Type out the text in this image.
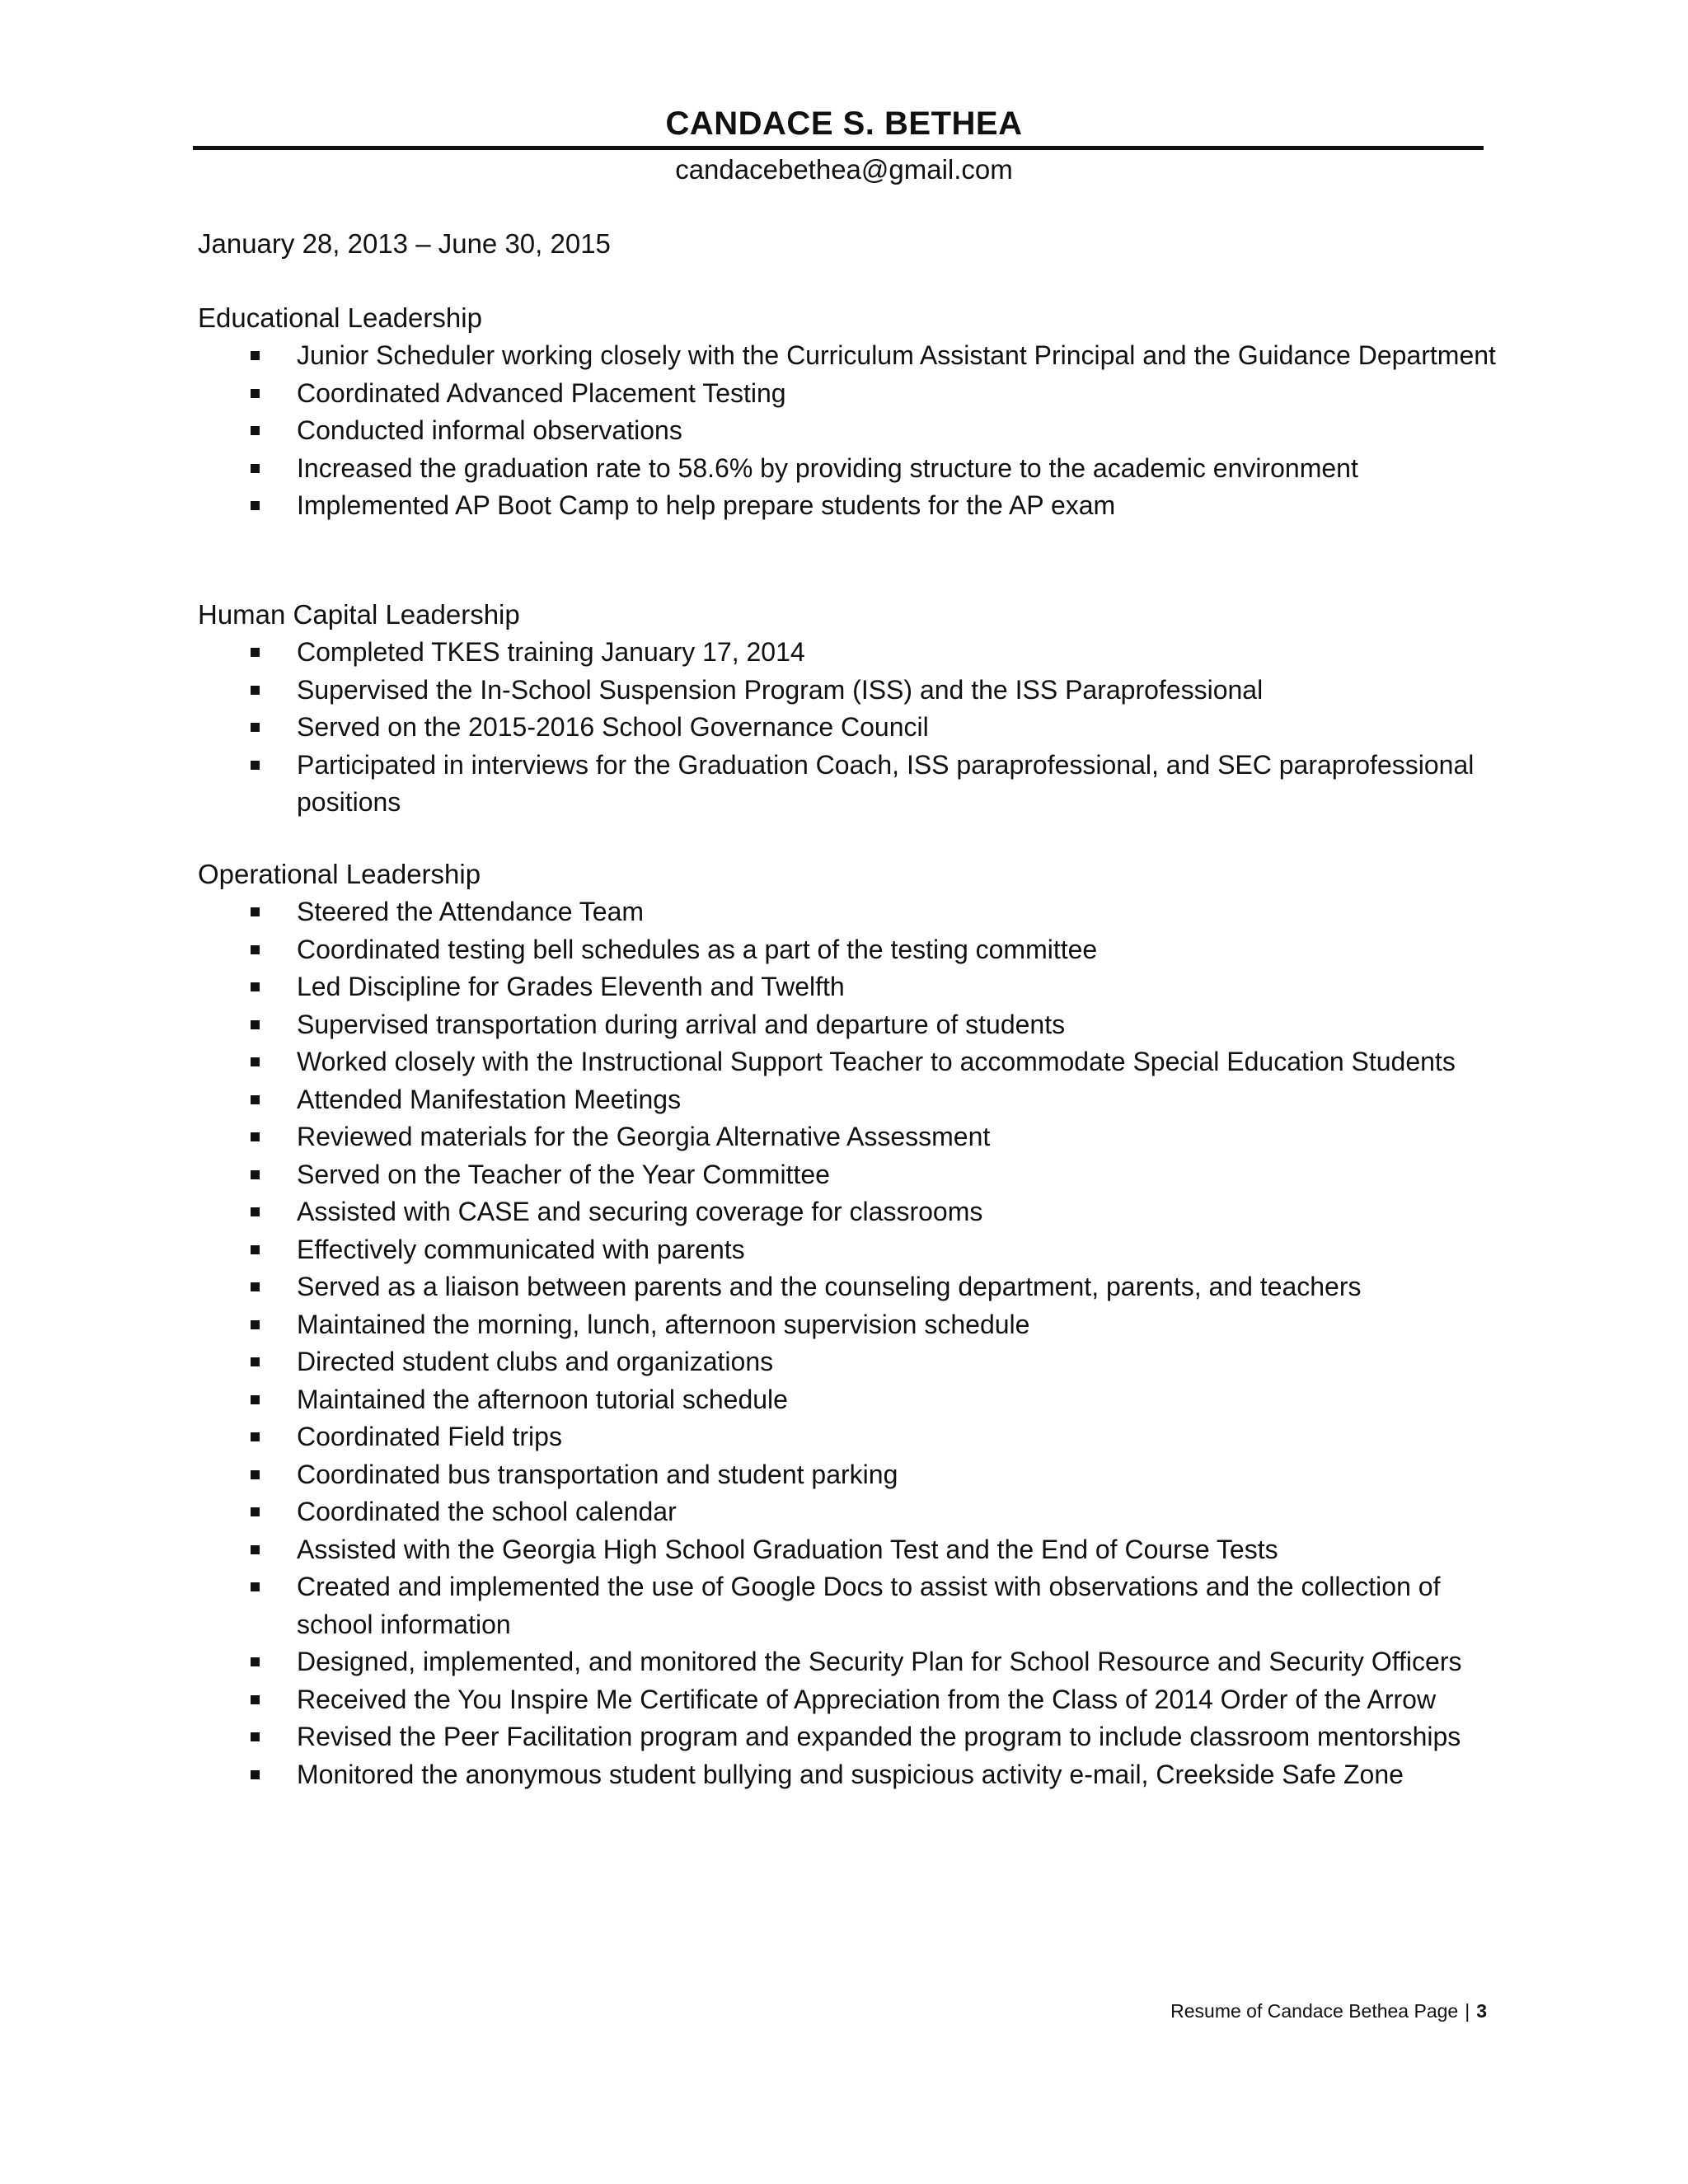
CANDACE S. BETHEA
candacebethea@gmail.com
January 28, 2013 – June 30, 2015
Educational Leadership
Junior Scheduler working closely with the Curriculum Assistant Principal and the Guidance Department
Coordinated Advanced Placement Testing
Conducted informal observations
Increased the graduation rate to 58.6% by providing structure to the academic environment
Implemented AP Boot Camp to help prepare students for the AP exam
Human Capital Leadership
Completed TKES training January 17, 2014
Supervised the In-School Suspension Program (ISS) and the ISS Paraprofessional
Served on the 2015-2016 School Governance Council
Participated in interviews for the Graduation Coach, ISS paraprofessional, and SEC paraprofessional positions
Operational Leadership
Steered the Attendance Team
Coordinated testing bell schedules as a part of the testing committee
Led Discipline for Grades Eleventh and Twelfth
Supervised transportation during arrival and departure of students
Worked closely with the Instructional Support Teacher to accommodate Special Education Students
Attended Manifestation Meetings
Reviewed materials for the Georgia Alternative Assessment
Served on the Teacher of the Year Committee
Assisted with CASE and securing coverage for classrooms
Effectively communicated with parents
Served as a liaison between parents and the counseling department, parents, and teachers
Maintained the morning, lunch, afternoon supervision schedule
Directed student clubs and organizations
Maintained the afternoon tutorial schedule
Coordinated Field trips
Coordinated bus transportation and student parking
Coordinated the school calendar
Assisted with the Georgia High School Graduation Test and the End of Course Tests
Created and implemented the use of Google Docs to assist with observations and the collection of school information
Designed, implemented, and monitored the Security Plan for School Resource and Security Officers
Received the You Inspire Me Certificate of Appreciation from the Class of 2014 Order of the Arrow
Revised the Peer Facilitation program and expanded the program to include classroom mentorships
Monitored the anonymous student bullying and suspicious activity e-mail, Creekside Safe Zone
Resume of Candace Bethea Page | 3
